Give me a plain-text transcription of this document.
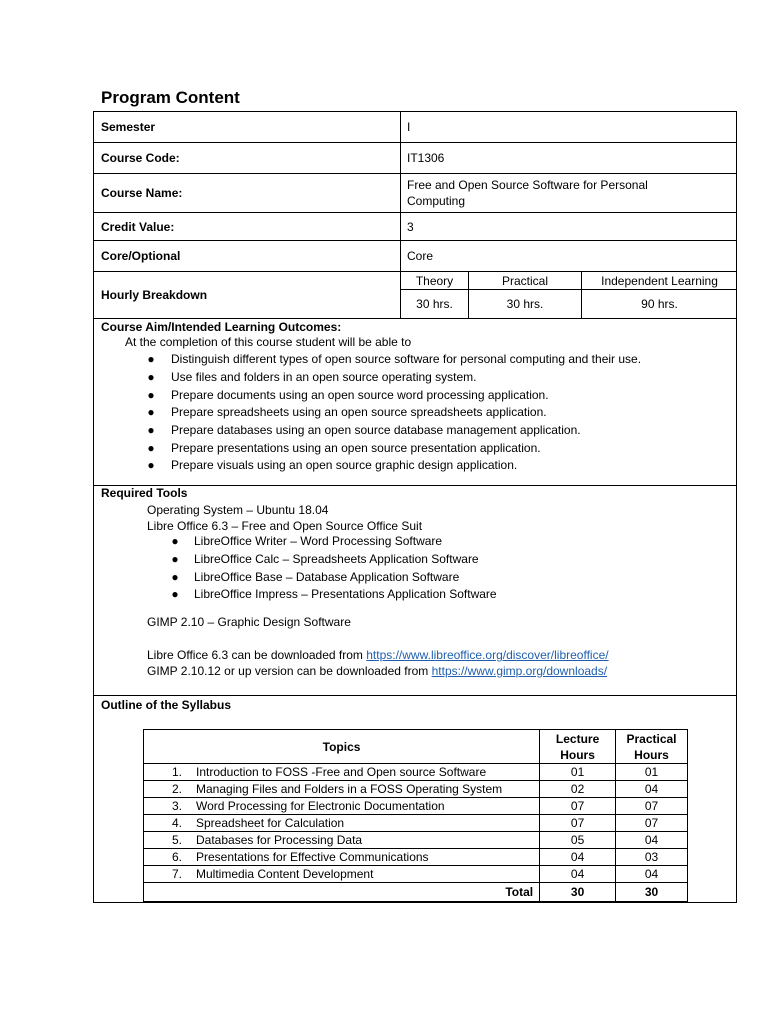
Program Content
Semester	I
Course Code:	IT1306
Course Name:
Free and Open Source Software for Personal Computing
Credit Value:	3
Core/Optional	Core
Hourly Breakdown
Theory	Practical	Independent Learning
30 hrs.	30 hrs.	90 hrs.
Course Aim/Intended Learning Outcomes:
At the completion of this course student will be able to
●	Distinguish different types of open source software for personal computing and their use.
●	Use files and folders in an open source operating system.
●	Prepare documents using an open source word processing application.
●	Prepare spreadsheets using an open source spreadsheets application.
●	Prepare databases using an open source database management application.
●	Prepare presentations using an open source presentation application.
●	Prepare visuals using an open source graphic design application.
Required Tools
Operating System – Ubuntu 18.04
Libre Office 6.3 – Free and Open Source Office Suit
●	LibreOffice Writer – Word Processing Software
●	LibreOffice Calc – Spreadsheets Application Software
●	LibreOffice Base – Database Application Software
●	LibreOffice Impress – Presentations Application Software
GIMP 2.10 – Graphic Design Software
Libre Office 6.3 can be downloaded from https://www.libreoffice.org/discover/libreoffice/
GIMP 2.10.12 or up version can be downloaded from https://www.gimp.org/downloads/
Outline of the Syllabus
Topics	Lecture Hours	Practical Hours
1. Introduction to FOSS -Free and Open source Software	01	01
2. Managing Files and Folders in a FOSS Operating System	02	04
3. Word Processing for Electronic Documentation	07	07
4. Spreadsheet for Calculation	07	07
5. Databases for Processing Data	05	04
6. Presentations for Effective Communications	04	03
7. Multimedia Content Development	04	04
Total	30	30
